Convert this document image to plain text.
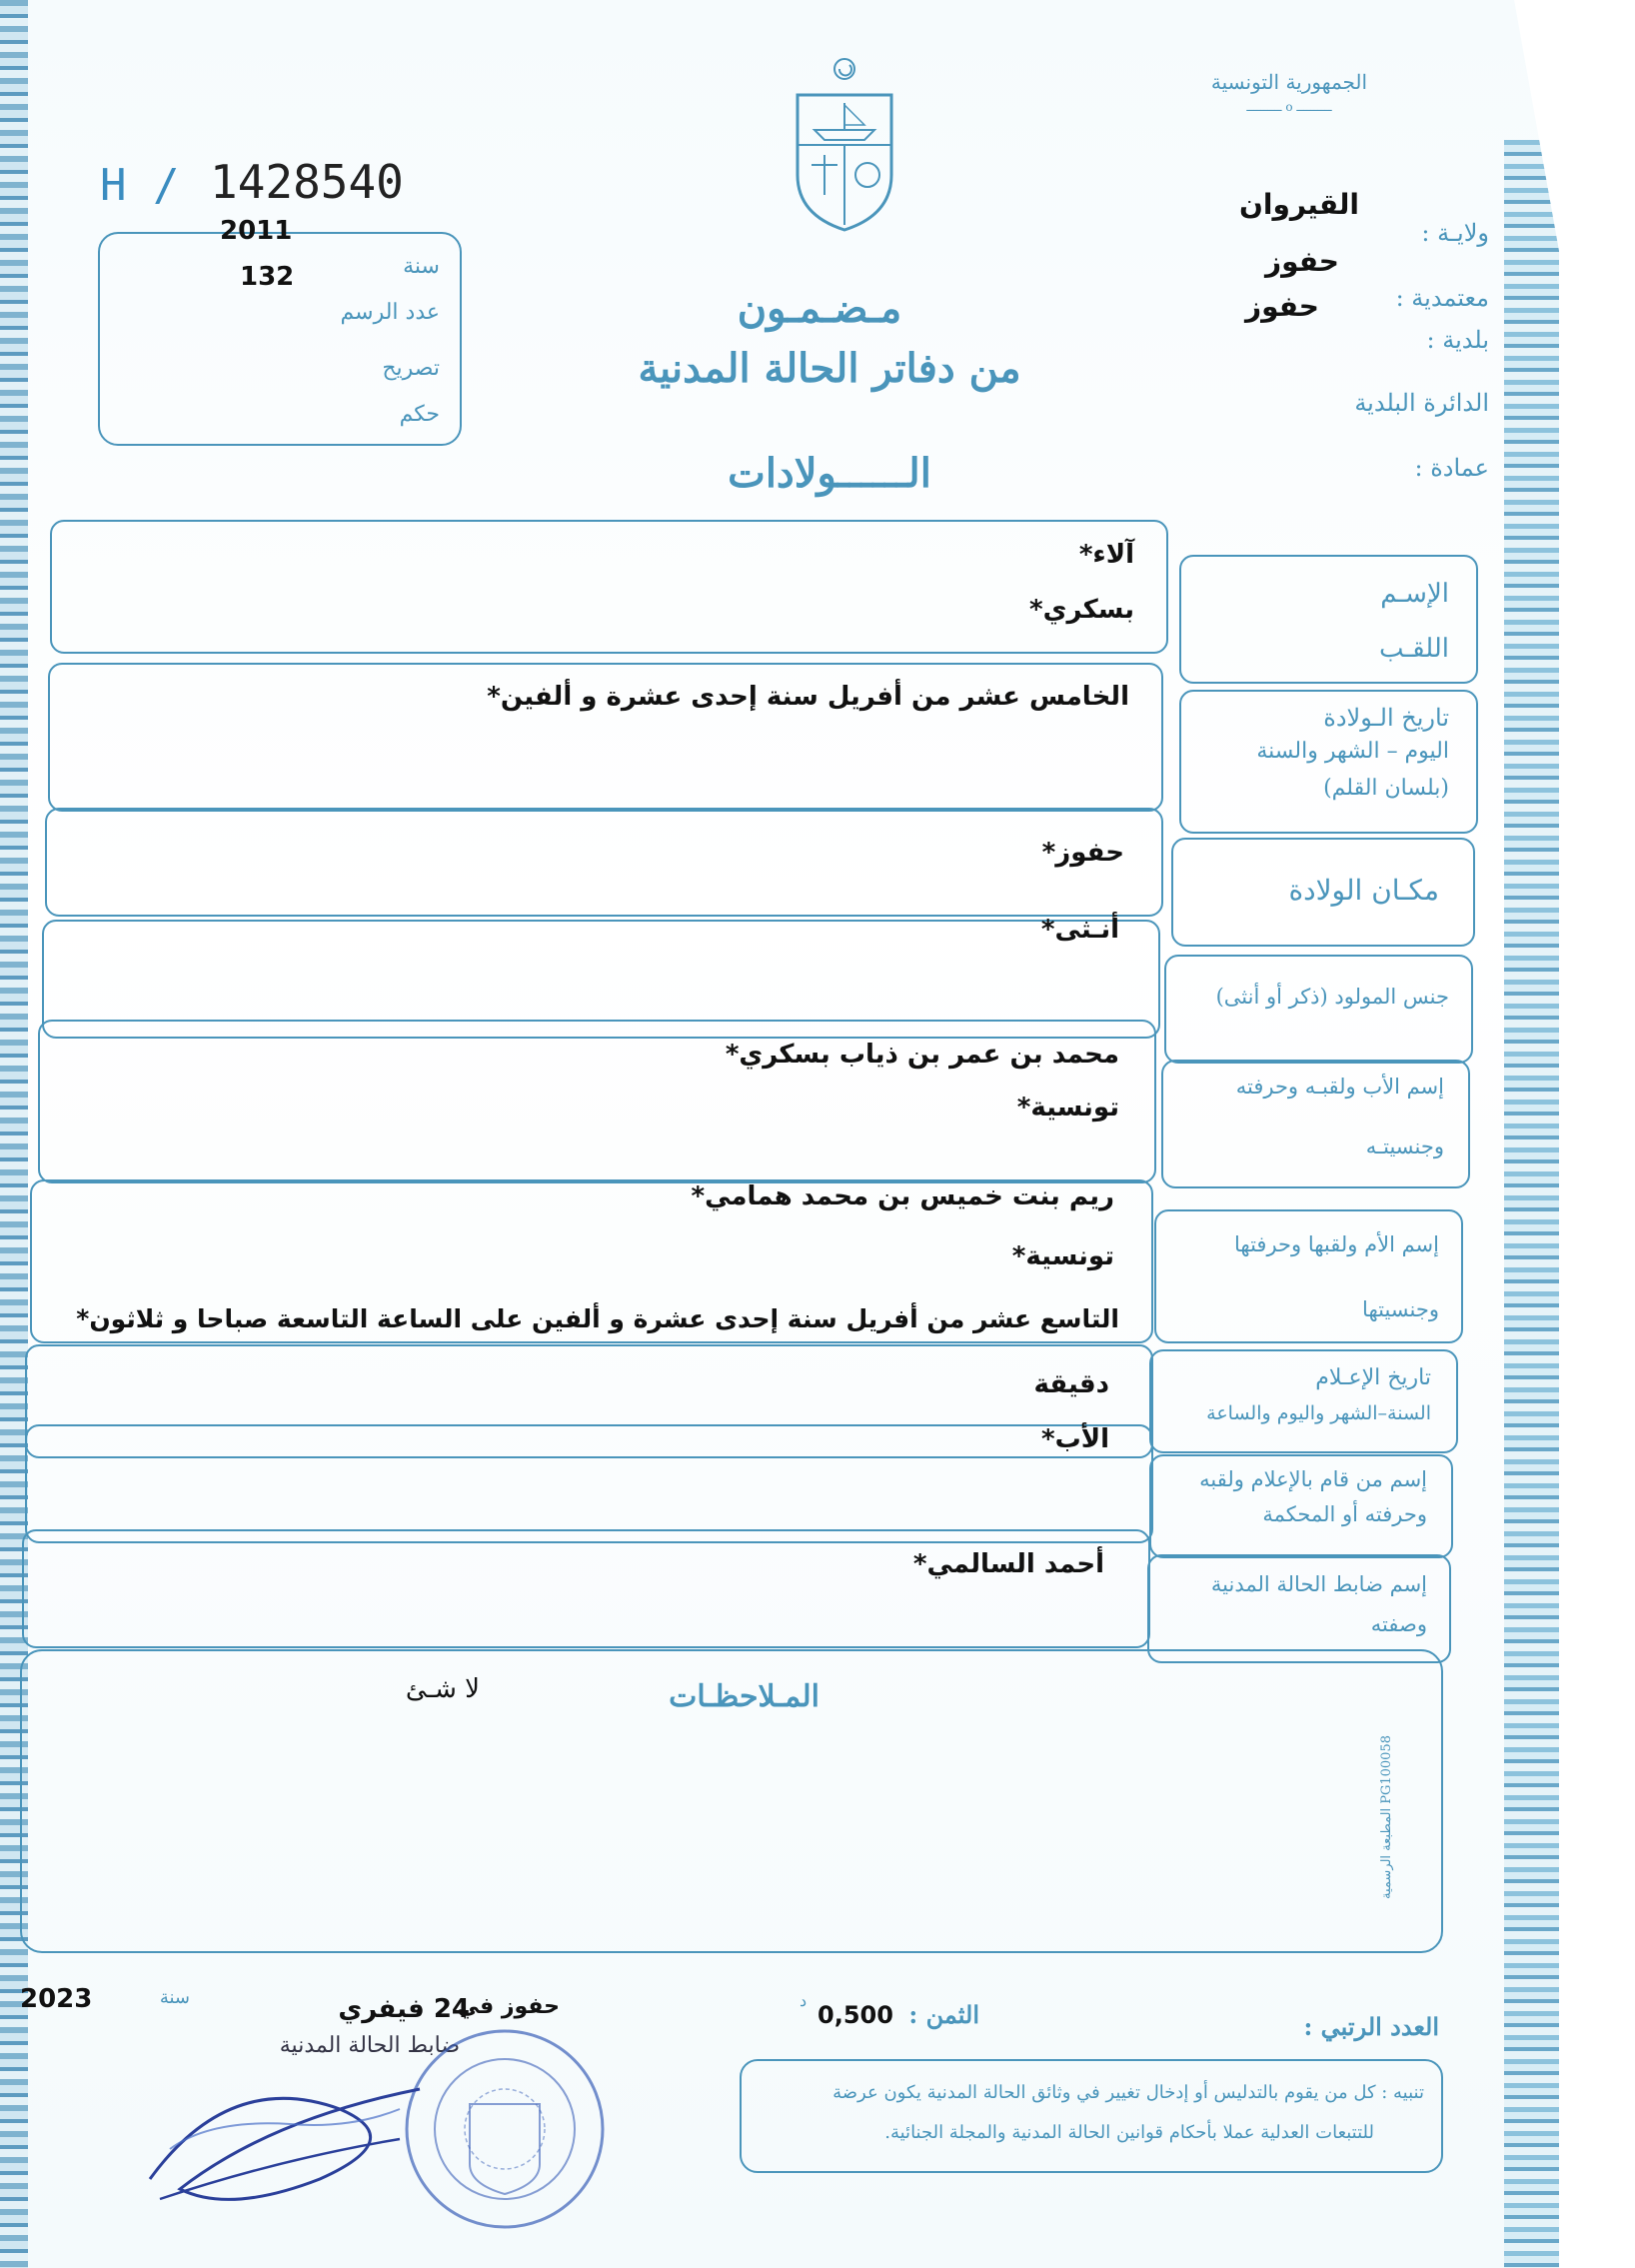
الجمهورية التونسية
ــــــــــ o ــــــــــ
H / 1428540
مـضـمـون
من دفاتر الحالة المدنية
الــــــولادات
2011
132	سنة
عدد الرسم
تصريح
حكم
ولايـة :
القيروان
معتمدية :
حفوز
بلدية :
حفوز
الدائرة البلدية
عمادة :
الإسـم
اللقـب
آلاء*
بسكري*
تاريخ الـولادة
اليوم – الشهر والسنة
(بلسان القلم)
الخامس عشر من أفريل سنة إحدى عشرة و ألفين*
مكـان الولادة
حفوز*
جنس المولود (ذكر أو أنثى)
أنـثى*
إسم الأب ولقبـه وحرفته
وجنسيتـه
محمد بن عمر بن ذياب بسكري*
تونسية*
إسم الأم ولقبها وحرفتها
وجنسيتها
ريم بنت خميس بن محمد همامي*
تونسية*
تاريخ الإعـلام
السنة–الشهر واليوم والساعة
التاسع عشر من أفريل سنة إحدى عشرة و ألفين على الساعة التاسعة صباحا و ثلاثون*
دقيقة
إسم من قام بالإعلام ولقبه
وحرفته أو المحكمة
الأب*
إسم ضابط الحالة المدنية
وصفته
أحمد السالمي*
المـلاحظـات
لا شـئ
المطبعة الرسمية PG100058
سنة
2023	24 فيفري
حفوز في
ضابط الحالة المدنية
الثمن :
0,500
د
العدد الرتبي :
تنبيه : كل من يقوم بالتدليس أو إدخال تغيير في وثائق الحالة المدنية يكون عرضة
للتتبعات العدلية عملا بأحكام قوانين الحالة المدنية والمجلة الجنائية.
